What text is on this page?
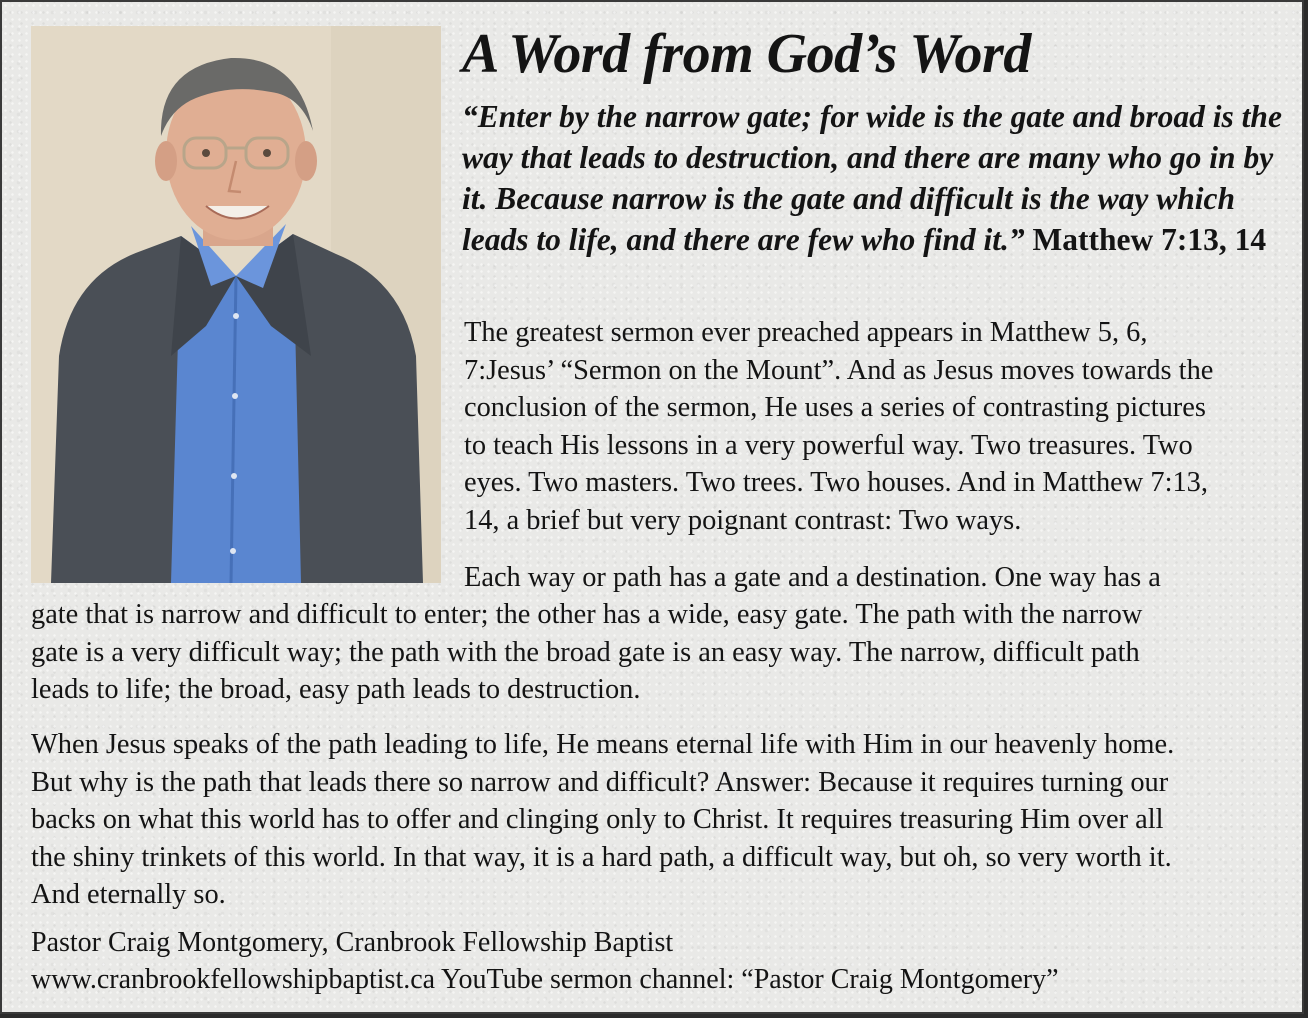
A Word from God’s Word

“Enter by the narrow gate; for wide is the gate and broad is the way that leads to destruction, and there are many who go in by it. Because narrow is the gate and difficult is the way which leads to life, and there are few who find it.” Matthew 7:13, 14

The greatest sermon ever preached appears in Matthew 5, 6,

7:Jesus’ “Sermon on the Mount”. And as Jesus moves towards the

conclusion of the sermon, He uses a series of contrasting pictures

to teach His lessons in a very powerful way. Two treasures. Two

eyes. Two masters. Two trees. Two houses. And in Matthew 7:13,

14, a brief but very poignant contrast: Two ways.

Each way or path has a gate and a destination. One way has a

gate that is narrow and difficult to enter; the other has a wide, easy gate. The path with the narrow

gate is a very difficult way; the path with the broad gate is an easy way. The narrow, difficult path

leads to life; the broad, easy path leads to destruction.

When Jesus speaks of the path leading to life, He means eternal life with Him in our heavenly home.

But why is the path that leads there so narrow and difficult? Answer: Because it requires turning our

backs on what this world has to offer and clinging only to Christ. It requires treasuring Him over all

the shiny trinkets of this world. In that way, it is a hard path, a difficult way, but oh, so very worth it.

And eternally so.

Pastor Craig Montgomery, Cranbrook Fellowship Baptist

www.cranbrookfellowshipbaptist.ca YouTube sermon channel: “Pastor Craig Montgomery”
